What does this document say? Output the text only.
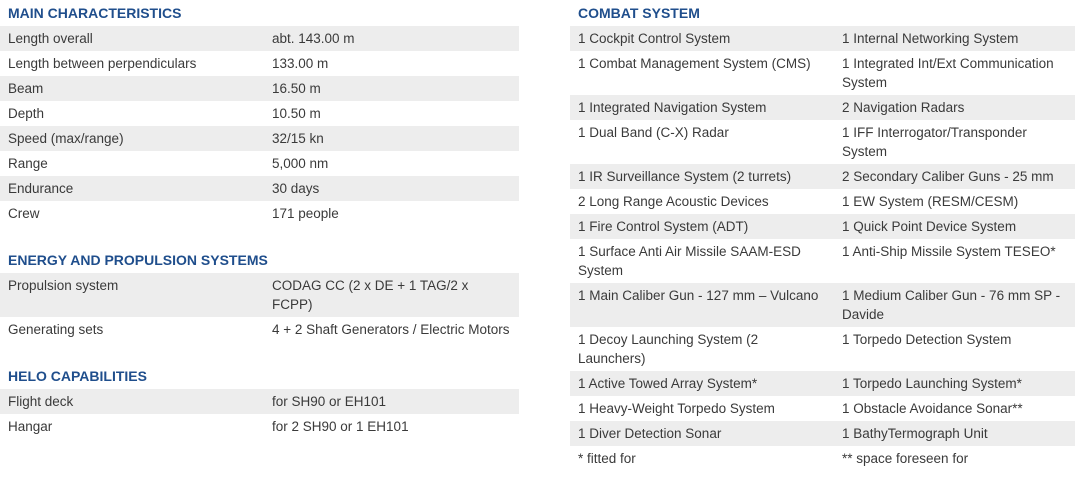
MAIN CHARACTERISTICS
Length overall	abt. 143.00 m
Length between perpendiculars	133.00 m
Beam	16.50 m
Depth	10.50 m
Speed (max/range)	32/15 kn
Range	5,000 nm
Endurance	30 days
Crew	171 people
ENERGY AND PROPULSION SYSTEMS
Propulsion system	CODAG CC (2 x DE + 1 TAG/2 x FCPP)
Generating sets	4 + 2 Shaft Generators / Electric Motors
HELO CAPABILITIES
Flight deck	for SH90 or EH101
Hangar	for 2 SH90 or 1 EH101
COMBAT SYSTEM
1 Cockpit Control System	1 Internal Networking System
1 Combat Management System (CMS)	1 Integrated Int/Ext Communication System
1 Integrated Navigation System	2 Navigation Radars
1 Dual Band (C-X) Radar	1 IFF Interrogator/Transponder System
1 IR Surveillance System (2 turrets)	2 Secondary Caliber Guns - 25 mm
2 Long Range Acoustic Devices	1 EW System (RESM/CESM)
1 Fire Control System (ADT)	1 Quick Point Device System
1 Surface Anti Air Missile SAAM-ESD System	1 Anti-Ship Missile System TESEO*
1 Main Caliber Gun - 127 mm – Vulcano	1 Medium Caliber Gun - 76 mm SP - Davide
1 Decoy Launching System (2 Launchers)	1 Torpedo Detection System
1 Active Towed Array System*	1 Torpedo Launching System*
1 Heavy-Weight Torpedo System	1 Obstacle Avoidance Sonar**
1 Diver Detection Sonar	1 BathyTermograph Unit
* fitted for	** space foreseen for
